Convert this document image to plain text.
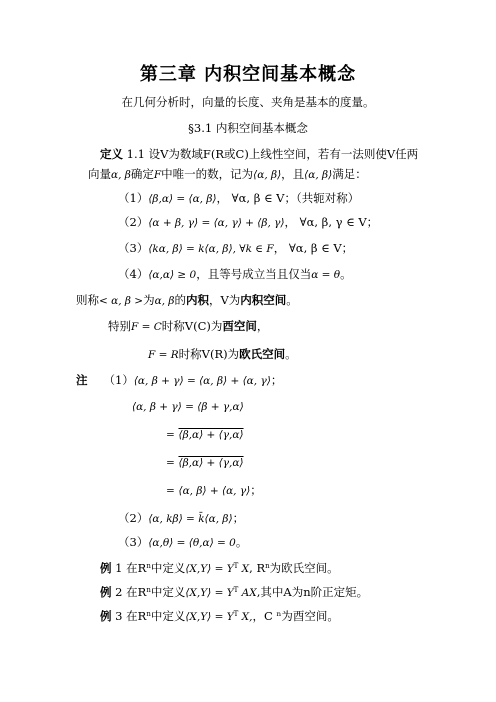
第三章 内积空间基本概念
在几何分析时，向量的长度、夹角是基本的度量。
§3.1 内积空间基本概念
定义 1.1 设V为数域F(R或C)上线性空间，若有一法则使V任两
向量α, β确定F中唯一的数，记为⟨α, β⟩，且⟨α, β⟩满足：
（1）⟨β,α⟩ = ⟨α, β⟩， ∀α, β ∈ V；（共轭对称）
（2）⟨α + β, γ⟩ = ⟨α, γ⟩ + ⟨β, γ⟩， ∀α, β, γ ∈ V；
（3）⟨kα, β⟩ = k⟨α, β⟩, ∀k ∈ F， ∀α, β ∈ V；
（4）⟨α,α⟩ ≥ 0，且等号成立当且仅当α = θ。
则称< α, β >为α, β的内积，V为内积空间。
特别F = C时称V(C)为酉空间，
F = R时称V(R)为欧氏空间。
注 （1）⟨α, β + γ⟩ = ⟨α, β⟩ + ⟨α, γ⟩；
⟨α, β + γ⟩ = ⟨β + γ,α⟩
= ⟨β,α⟩ + ⟨γ,α⟩
= ⟨β,α⟩ + ⟨γ,α⟩
= ⟨α, β⟩ + ⟨α, γ⟩；
（2）⟨α, kβ⟩ = k̄⟨α, β⟩；
（3）⟨α,θ⟩ = ⟨θ,α⟩ = 0。
例 1 在$R^n$中定义⟨X,Y⟩ = $Y^T$ X, $R^n$为欧氏空间。
例 2 在$R^n$中定义⟨X,Y⟩ = $Y^T$ AX,其中A为n阶正定矩。
例 3 在$R^n$中定义⟨X,Y⟩ = $Y^T$ X,，C ⁿ为酉空间。
